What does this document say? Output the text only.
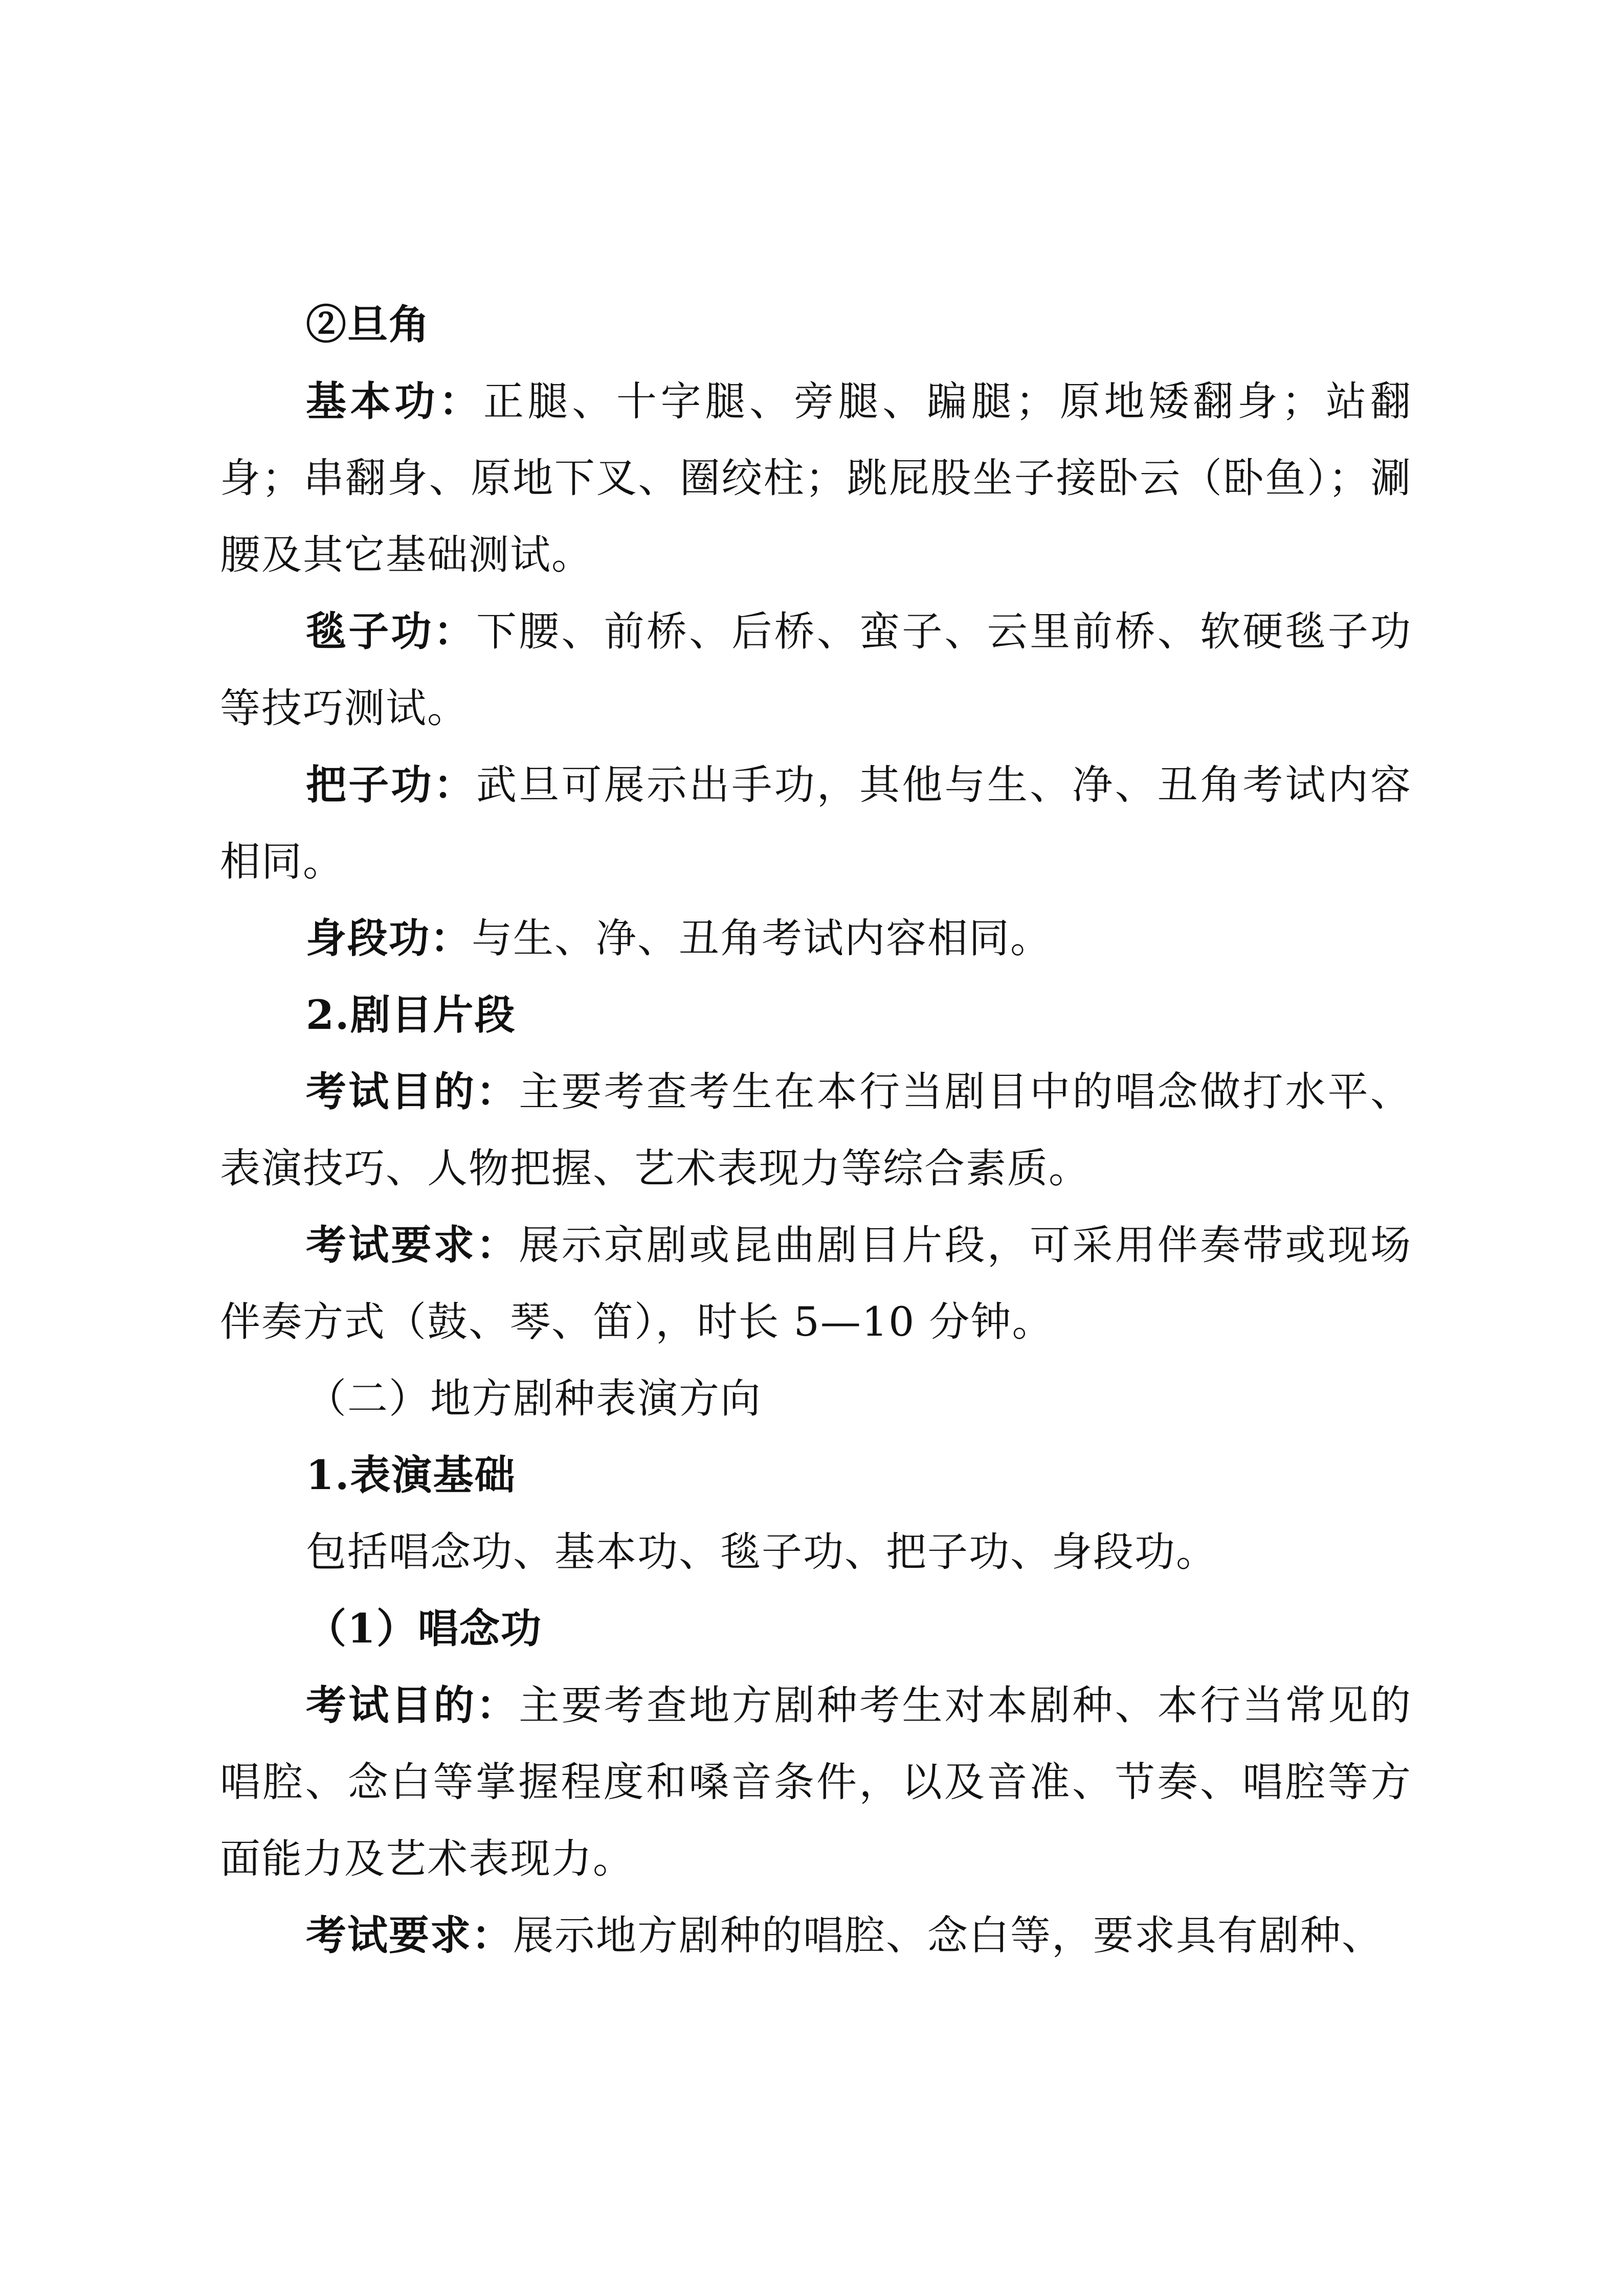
②旦角

基本功：正腿、十字腿、旁腿、蹁腿；原地矮翻身；站翻身；串翻身、原地下叉、圈绞柱；跳屁股坐子接卧云（卧鱼）；涮腰及其它基础测试。

毯子功：下腰、前桥、后桥、蛮子、云里前桥、软硬毯子功等技巧测试。

把子功：武旦可展示出手功，其他与生、净、丑角考试内容相同。

身段功：与生、净、丑角考试内容相同。

2.剧目片段

考试目的：主要考查考生在本行当剧目中的唱念做打水平、表演技巧、人物把握、艺术表现力等综合素质。

考试要求：展示京剧或昆曲剧目片段，可采用伴奏带或现场伴奏方式（鼓、琴、笛），时长 5—10 分钟。

（二）地方剧种表演方向

1.表演基础

包括唱念功、基本功、毯子功、把子功、身段功。

（1）唱念功

考试目的：主要考查地方剧种考生对本剧种、本行当常见的唱腔、念白等掌握程度和嗓音条件，以及音准、节奏、唱腔等方面能力及艺术表现力。

考试要求：展示地方剧种的唱腔、念白等，要求具有剧种、
